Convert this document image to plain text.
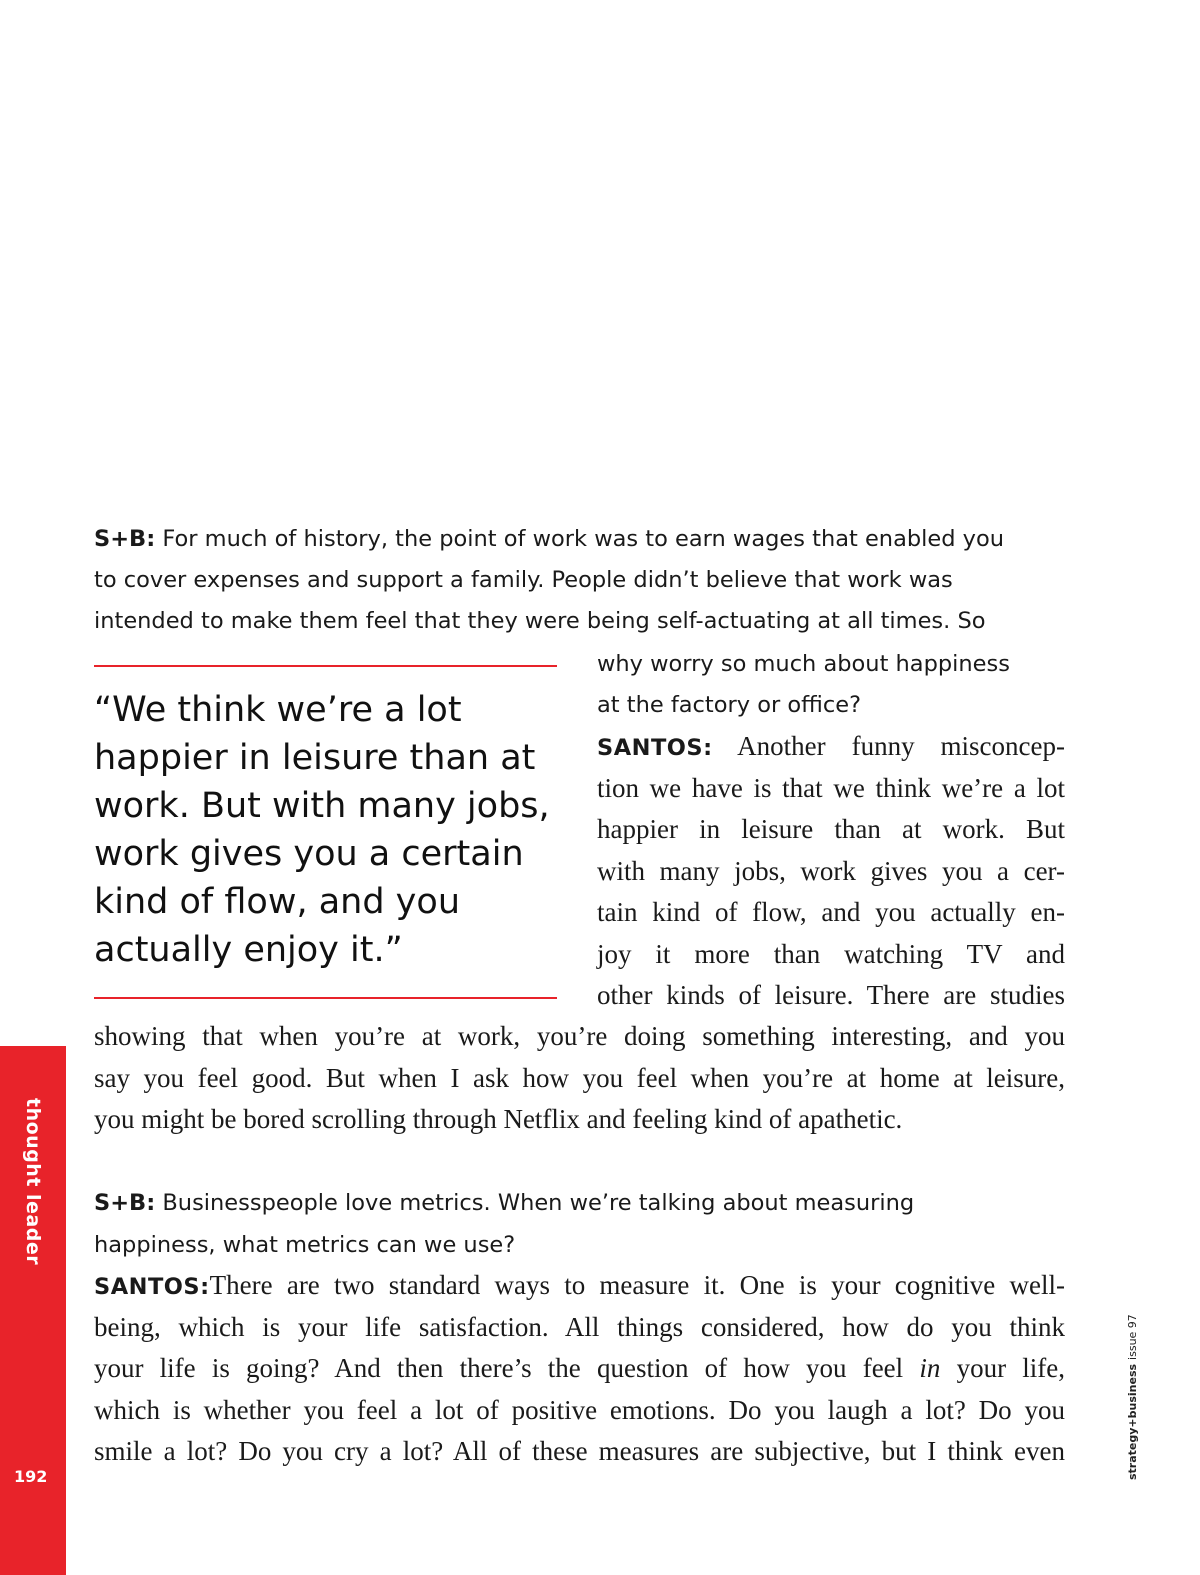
thought leader
192	strategy+businessissue 97
S+B: For much of history, the point of work was to earn wages that enabled you
to cover expenses and support a family. People didn’t believe that work was
intended to make them feel that they were being self-actuating at all times. So
why worry so much about happiness
at the factory or office?
“We think we’re a lot
happier in leisure than at
work. But with many jobs,
work gives you a certain
kind of flow, and you
actually enjoy it.”
SANTOS: Another funny misconcep-
tion we have is that we think we’re a lot
happier in leisure than at work. But
with many jobs, work gives you a cer-
tain kind of flow, and you actually en-
joy it more than watching TV and
other kinds of leisure. There are studies
showing that when you’re at work, you’re doing something interesting, and you
say you feel good. But when I ask how you feel when you’re at home at leisure,
you might be bored scrolling through Netflix and feeling kind of apathetic.
S+B: Businesspeople love metrics. When we’re talking about measuring
happiness, what metrics can we use?
SANTOS:There are two standard ways to measure it. One is your cognitive well-
being, which is your life satisfaction. All things considered, how do you think
your life is going? And then there’s the question of how you feel in your life,
which is whether you feel a lot of positive emotions. Do you laugh a lot? Do you
smile a lot? Do you cry a lot? All of these measures are subjective, but I think even
